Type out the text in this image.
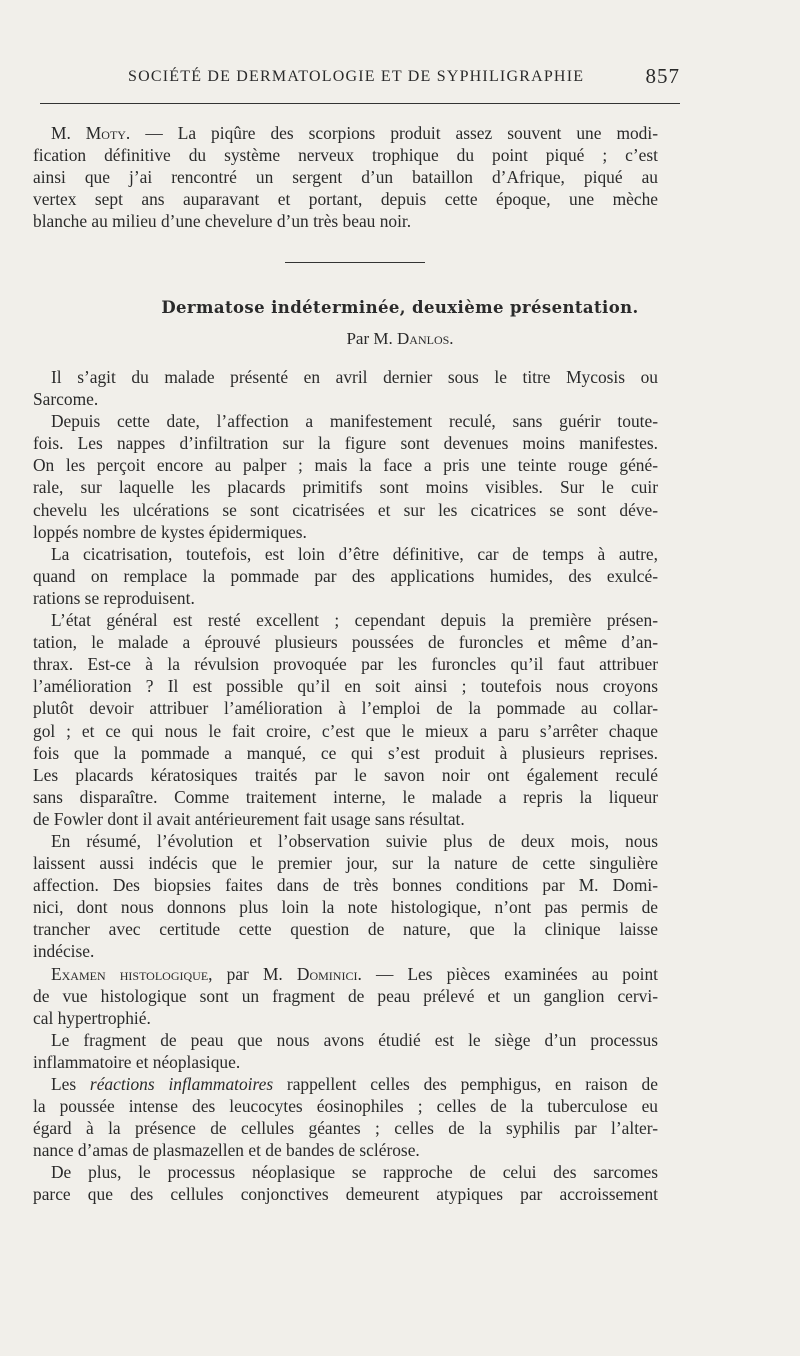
SOCIÉTÉ DE DERMATOLOGIE ET DE SYPHILIGRAPHIE	857
M. Moty. — La piqûre des scorpions produit assez souvent une modi-
fication définitive du système nerveux trophique du point piqué ; c’est
ainsi que j’ai rencontré un sergent d’un bataillon d’Afrique, piqué au
vertex sept ans auparavant et portant, depuis cette époque, une mèche
blanche au milieu d’une chevelure d’un très beau noir.
Dermatose indéterminée, deuxième présentation.
Par M. Danlos.
Il s’agit du malade présenté en avril dernier sous le titre Mycosis ou
Sarcome.
Depuis cette date, l’affection a manifestement reculé, sans guérir toute-
fois. Les nappes d’infiltration sur la figure sont devenues moins manifestes.
On les perçoit encore au palper ; mais la face a pris une teinte rouge géné-
rale, sur laquelle les placards primitifs sont moins visibles. Sur le cuir
chevelu les ulcérations se sont cicatrisées et sur les cicatrices se sont déve-
loppés nombre de kystes épidermiques.
La cicatrisation, toutefois, est loin d’être définitive, car de temps à autre,
quand on remplace la pommade par des applications humides, des exulcé-
rations se reproduisent.
L’état général est resté excellent ; cependant depuis la première présen-
tation, le malade a éprouvé plusieurs poussées de furoncles et même d’an-
thrax. Est-ce à la révulsion provoquée par les furoncles qu’il faut attribuer
l’amélioration ? Il est possible qu’il en soit ainsi ; toutefois nous croyons
plutôt devoir attribuer l’amélioration à l’emploi de la pommade au collar-
gol ; et ce qui nous le fait croire, c’est que le mieux a paru s’arrêter chaque
fois que la pommade a manqué, ce qui s’est produit à plusieurs reprises.
Les placards kératosiques traités par le savon noir ont également reculé
sans disparaître. Comme traitement interne, le malade a repris la liqueur
de Fowler dont il avait antérieurement fait usage sans résultat.
En résumé, l’évolution et l’observation suivie plus de deux mois, nous
laissent aussi indécis que le premier jour, sur la nature de cette singulière
affection. Des biopsies faites dans de très bonnes conditions par M. Domi-
nici, dont nous donnons plus loin la note histologique, n’ont pas permis de
trancher avec certitude cette question de nature, que la clinique laisse
indécise.
Examen histologique, par M. Dominici. — Les pièces examinées au point
de vue histologique sont un fragment de peau prélevé et un ganglion cervi-
cal hypertrophié.
Le fragment de peau que nous avons étudié est le siège d’un processus
inflammatoire et néoplasique.
Les réactions inflammatoires rappellent celles des pemphigus, en raison de
la poussée intense des leucocytes éosinophiles ; celles de la tuberculose eu
égard à la présence de cellules géantes ; celles de la syphilis par l’alter-
nance d’amas de plasmazellen et de bandes de sclérose.
De plus, le processus néoplasique se rapproche de celui des sarcomes
parce que des cellules conjonctives demeurent atypiques par accroissement
